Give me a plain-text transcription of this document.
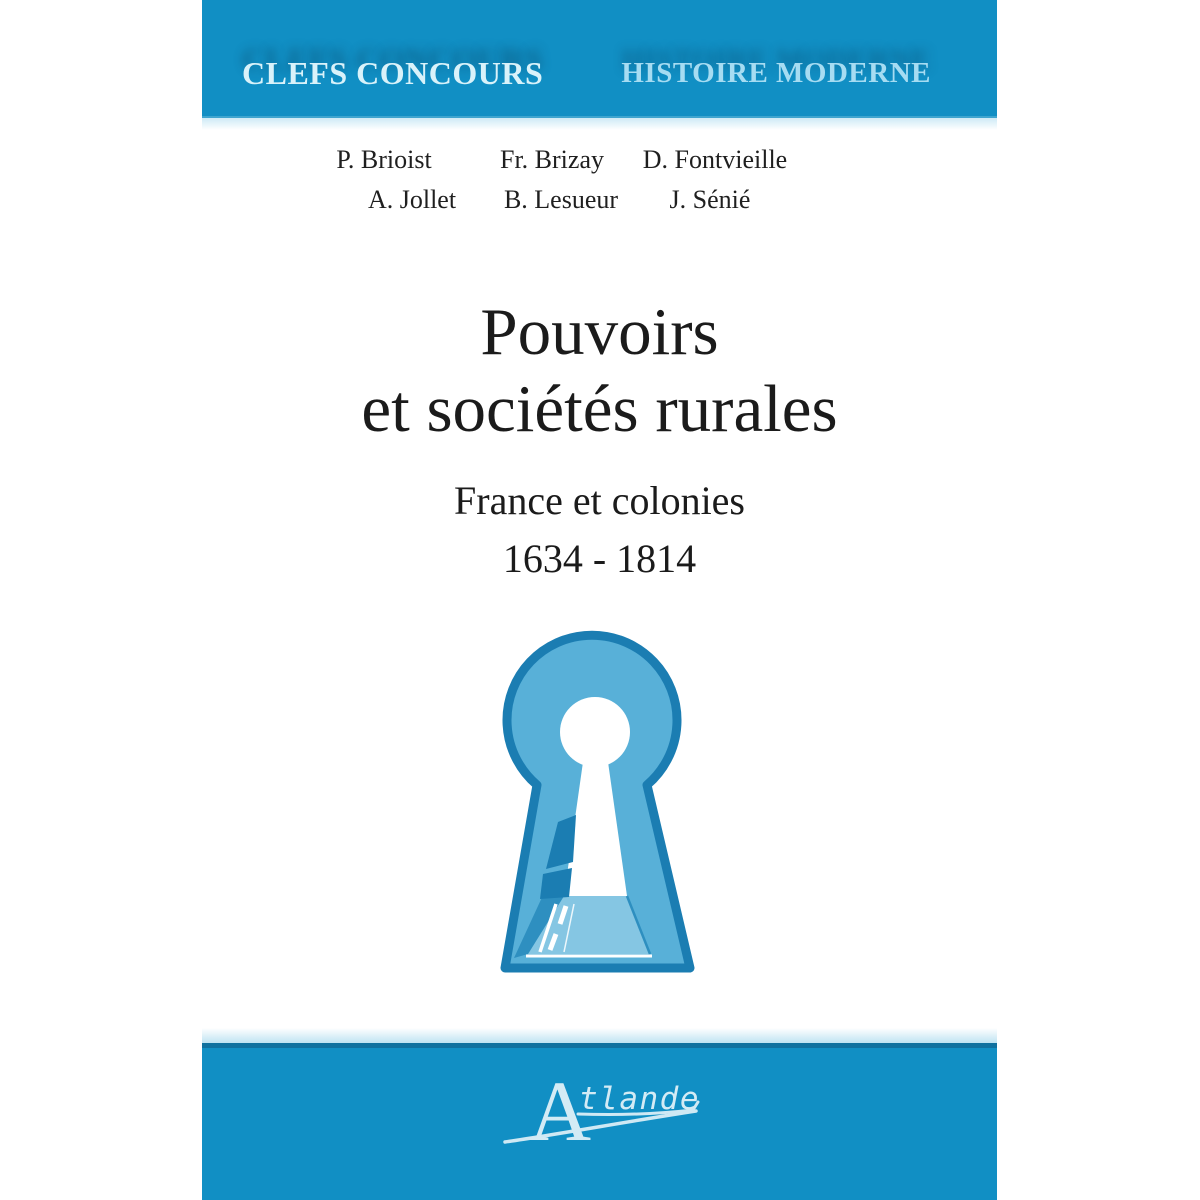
CLEFS CONCOURS	HISTOIRE MODERNE
P. Brioist	Fr. Brizay D. Fontvieille
A. Jollet B. Lesueur J. Sénié
Pouvoirs
et sociétés rurales
France et colonies
1634 - 1814
A
tlande
